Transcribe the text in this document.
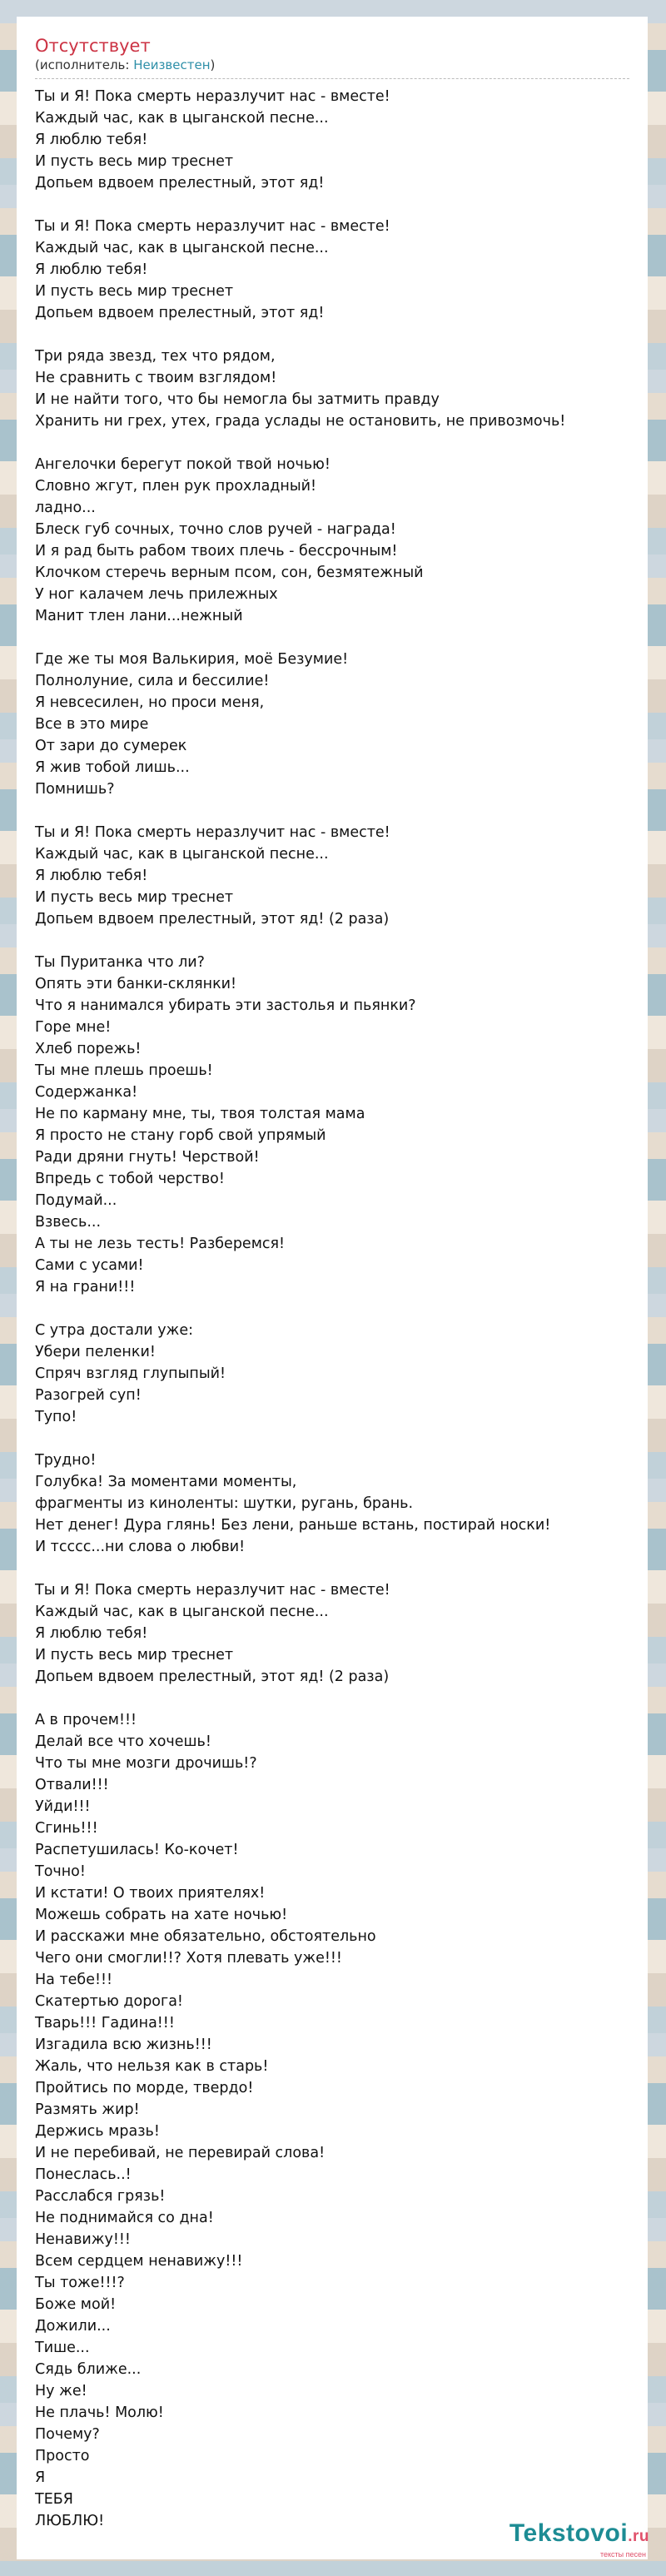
Отсутствует
(исполнитель: Неизвестен)
Ты и Я! Пока смерть неразлучит нас - вместе!
Каждый час, как в цыганской песне...
Я люблю тебя!
И пусть весь мир треснет
Допьем вдвоем прелестный, этот яд!
Ты и Я! Пока смерть неразлучит нас - вместе!
Каждый час, как в цыганской песне...
Я люблю тебя!
И пусть весь мир треснет
Допьем вдвоем прелестный, этот яд!
Три ряда звезд, тех что рядом,
Не сравнить с твоим взглядом!
И не найти того, что бы немогла бы затмить правду
Хранить ни грех, утех, града услады не остановить, не привозмочь!
Ангелочки берегут покой твой ночью!
Словно жгут, плен рук прохладный!
ладно...
Блеск губ сочных, точно слов ручей - награда!
И я рад быть рабом твоих плечь - бессрочным!
Клочком стеречь верным псом, сон, безмятежный
У ног калачем лечь прилежных
Манит тлен лани...нежный
Где же ты моя Валькирия, моё Безумие!
Полнолуние, сила и бессилие!
Я невсесилен, но проси меня,
Все в это мире
От зари до сумерек
Я жив тобой лишь...
Помнишь?
Ты и Я! Пока смерть неразлучит нас - вместе!
Каждый час, как в цыганской песне...
Я люблю тебя!
И пусть весь мир треснет
Допьем вдвоем прелестный, этот яд! (2 раза)
Ты Пуританка что ли?
Опять эти банки-склянки!
Что я нанимался убирать эти застолья и пьянки?
Горе мне!
Хлеб порежь!
Ты мне плешь проешь!
Содержанка!
Не по карману мне, ты, твоя толстая мама
Я просто не стану горб свой упрямый
Ради дряни гнуть! Черствой!
Впредь с тобой черство!
Подумай...
Взвесь...
А ты не лезь тесть! Разберемся!
Сами с усами!
Я на грани!!!
С утра достали уже:
Убери пеленки!
Спряч взгляд глупыпый!
Разогрей суп!
Тупо!
Трудно!
Голубка! За моментами моменты,
фрагменты из киноленты: шутки, ругань, брань.
Нет денег! Дура глянь! Без лени, раньше встань, постирай носки!
И тсссс...ни слова о любви!
Ты и Я! Пока смерть неразлучит нас - вместе!
Каждый час, как в цыганской песне...
Я люблю тебя!
И пусть весь мир треснет
Допьем вдвоем прелестный, этот яд! (2 раза)
А в прочем!!!
Делай все что хочешь!
Что ты мне мозги дрочишь!?
Отвали!!!
Уйди!!!
Сгинь!!!
Распетушилась! Ко-кочет!
Точно!
И кстати! О твоих приятелях!
Можешь собрать на хате ночью!
И расскажи мне обязательно, обстоятельно
Чего они смогли!!? Хотя плевать уже!!!
На тебе!!!
Скатертью дорога!
Тварь!!! Гадина!!!
Изгадила всю жизнь!!!
Жаль, что нельзя как в старь!
Пройтись по морде, твердо!
Размять жир!
Держись мразь!
И не перебивай, не перевирай слова!
Понеслась..!
Расслабся грязь!
Не поднимайся со дна!
Ненавижу!!!
Всем сердцем ненавижу!!!
Ты тоже!!!?
Боже мой!
Дожили...
Тише...
Сядь ближе...
Ну же!
Не плачь! Молю!
Почему?
Просто
Я
ТЕБЯ
ЛЮБЛЮ!	Tekstovoi.ru
тексты песен
